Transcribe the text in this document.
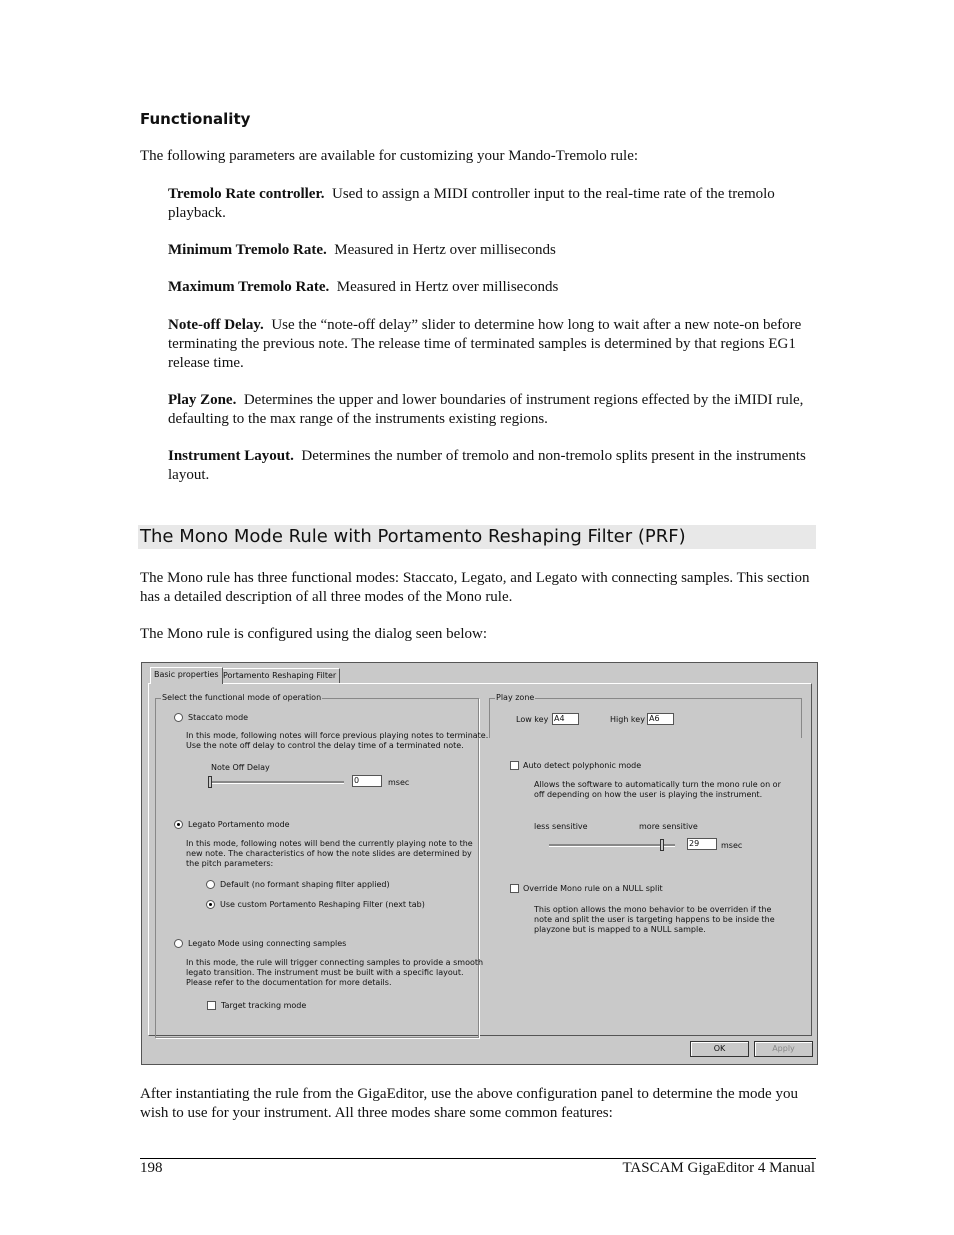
Functionality
The following parameters are available for customizing your Mando-Tremolo rule:
Tremolo Rate controller. Used to assign a MIDI controller input to the real-time rate of the tremolo playback.
Minimum Tremolo Rate. Measured in Hertz over milliseconds
Maximum Tremolo Rate. Measured in Hertz over milliseconds
Note-off Delay. Use the “note-off delay” slider to determine how long to wait after a new note-on before terminating the previous note. The release time of terminated samples is determined by that regions EG1 release time.
Play Zone. Determines the upper and lower boundaries of instrument regions effected by the iMIDI rule, defaulting to the max range of the instruments existing regions.
Instrument Layout. Determines the number of tremolo and non-tremolo splits present in the instruments layout.
The Mono Mode Rule with Portamento Reshaping Filter (PRF)
The Mono rule has three functional modes: Staccato, Legato, and Legato with connecting samples. This section has a detailed description of all three modes of the Mono rule.
The Mono rule is configured using the dialog seen below:
Basic properties Portamento Reshaping Filter
Select the functional mode of operation
Staccato mode
In this mode, following notes will force previous playing notes to terminate.
Use the note off delay to control the delay time of a terminated note.
Note Off Delay
0	msec
Legato Portamento mode
In this mode, following notes will bend the currently playing note to the
new note. The characteristics of how the note slides are determined by
the pitch parameters:
Default (no formant shaping filter applied)
Use custom Portamento Reshaping Filter (next tab)
Legato Mode using connecting samples
In this mode, the rule will trigger connecting samples to provide a smooth
legato transition. The instrument must be built with a specific layout.
Please refer to the documentation for more details.
Target tracking mode
Play zone
Low key A4	High key A6
Auto detect polyphonic mode
Allows the software to automatically turn the mono rule on or
off depending on how the user is playing the instrument.
less sensitive	more sensitive
29	msec
Override Mono rule on a NULL split
This option allows the mono behavior to be overriden if the
note and split the user is targeting happens to be inside the
playzone but is mapped to a NULL sample.
OK	Apply
After instantiating the rule from the GigaEditor, use the above configuration panel to determine the mode you wish to use for your instrument. All three modes share some common features:
198	TASCAM GigaEditor 4 Manual
